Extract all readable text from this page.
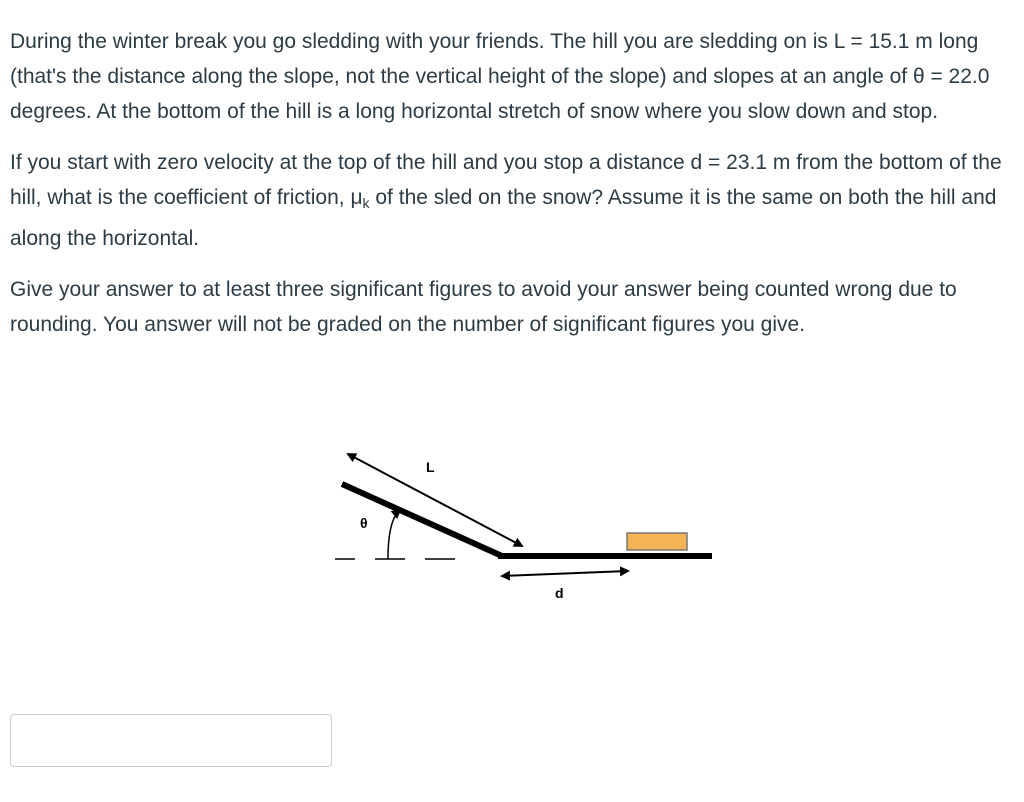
During the winter break you go sledding with your friends. The hill you are sledding on is L = 15.1 m long (that's the distance along the slope, not the vertical height of the slope) and slopes at an angle of θ = 22.0 degrees. At the bottom of the hill is a long horizontal stretch of snow where you slow down and stop.

If you start with zero velocity at the top of the hill and you stop a distance d = 23.1 m from the bottom of the hill, what is the coefficient of friction, $\mu_k$ of the sled on the snow? Assume it is the same on both the hill and along the horizontal.

Give your answer to at least three significant figures to avoid your answer being counted wrong due to rounding. You answer will not be graded on the number of significant figures you give.

θ
L
d
